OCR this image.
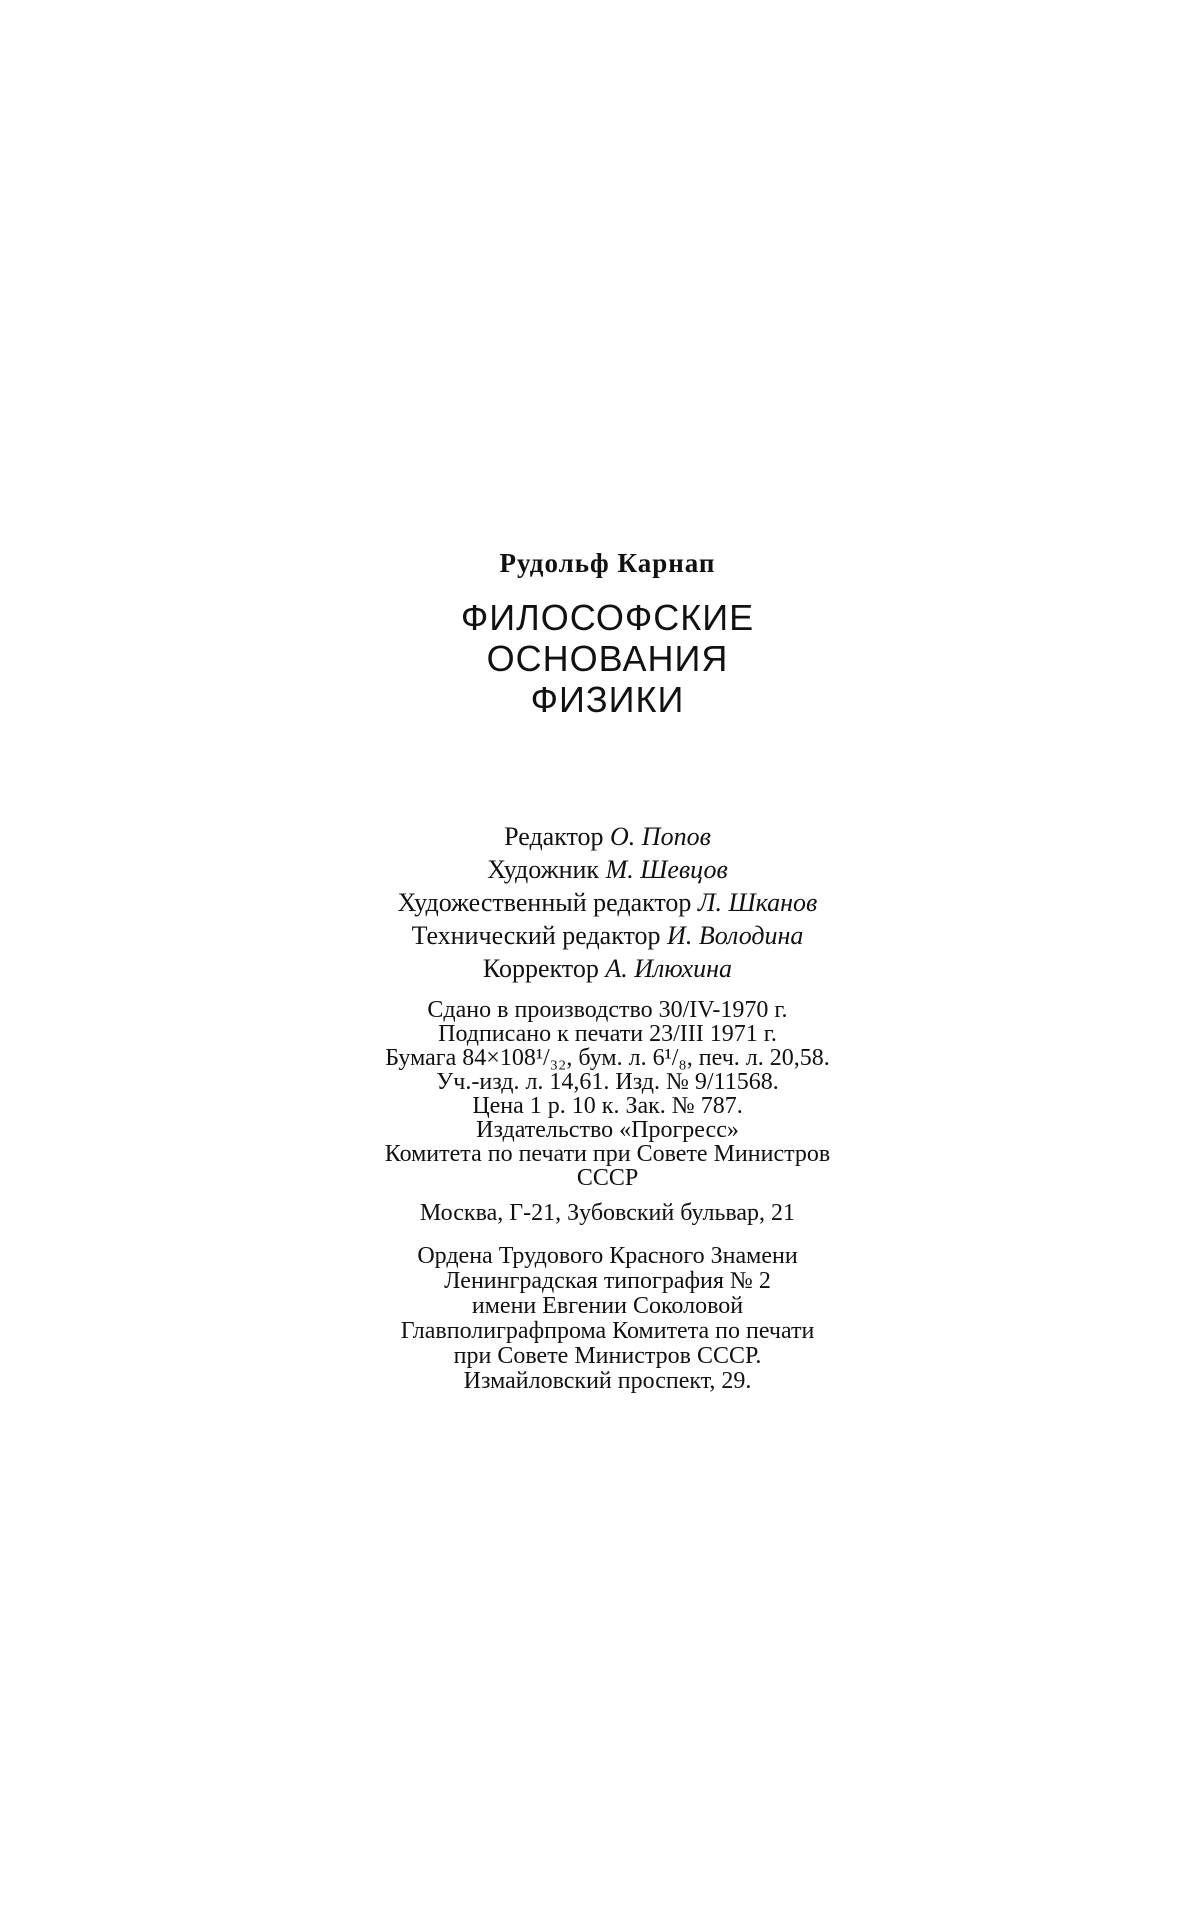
Рудольф Карнап
ФИЛОСОФСКИЕ
ОСНОВАНИЯ
ФИЗИКИ
Редактор О. Попов
Художник М. Шевцов
Художественный редактор Л. Шканов
Технический редактор И. Володина
Корректор А. Илюхина
Сдано в производство 30/IV-1970 г.
Подписано к печати 23/III 1971 г.
Бумага 84×108¹/₃₂, бум. л. 6¹/₈, печ. л. 20,58.
Уч.-изд. л. 14,61. Изд. № 9/11568.
Цена 1 р. 10 к. Зак. № 787.
Издательство «Прогресс»
Комитета по печати при Совете Министров
СССР
Москва, Г-21, Зубовский бульвар, 21
Ордена Трудового Красного Знамени
Ленинградская типография № 2
имени Евгении Соколовой
Главполиграфпрома Комитета по печати
при Совете Министров СССР.
Измайловский проспект, 29.
